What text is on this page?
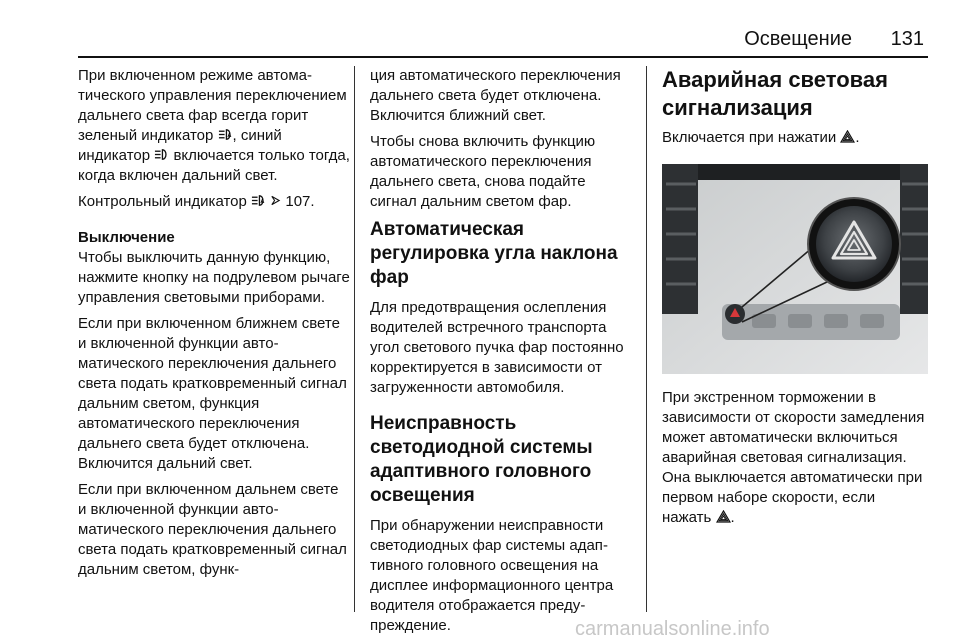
Освещение 131

При включенном режиме автоматического управления переключением дальнего света фар всегда горит зеленый индикатор A , синий индикатор включается только тогда, когда включен дальний свет.

Контрольный индикатор A 107.

Выключение

Чтобы выключить данную функцию, нажмите кнопку на подрулевом рычаге управления световыми приборами.

Если при включенном ближнем свете и включенной функции автоматического переключения дальнего света подать кратковременный сигнал дальним светом, функция автоматического переключения дальнего света будет отключена. Включится дальний свет.

Если при включенном дальнем свете и включенной функции автоматического переключения дальнего света подать кратковременный сигнал дальним светом, функ-

ция автоматического переключения дальнего света будет отключена. Включится ближний свет.

Чтобы снова включить функцию автоматического переключения дальнего света, снова подайте сигнал дальним светом фар.

Автоматическая регулировка угла наклона фар

Для предотвращения ослепления водителей встречного транспорта угол светового пучка фар постоянно корректируется в зависимости от загруженности автомобиля.

Неисправность светодиодной системы адаптивного головного освещения

При обнаружении неисправности светодиодных фар системы адаптивного головного освещения на дисплее информационного центра водителя отображается предупреждение.

Аварийная световая сигнализация

Включается при нажатии .

При экстренном торможении в зависимости от скорости замедления может автоматически включиться аварийная световая сигнализация. Она выключается автоматически при первом наборе скорости, если нажать .

carmanualsonline.info
